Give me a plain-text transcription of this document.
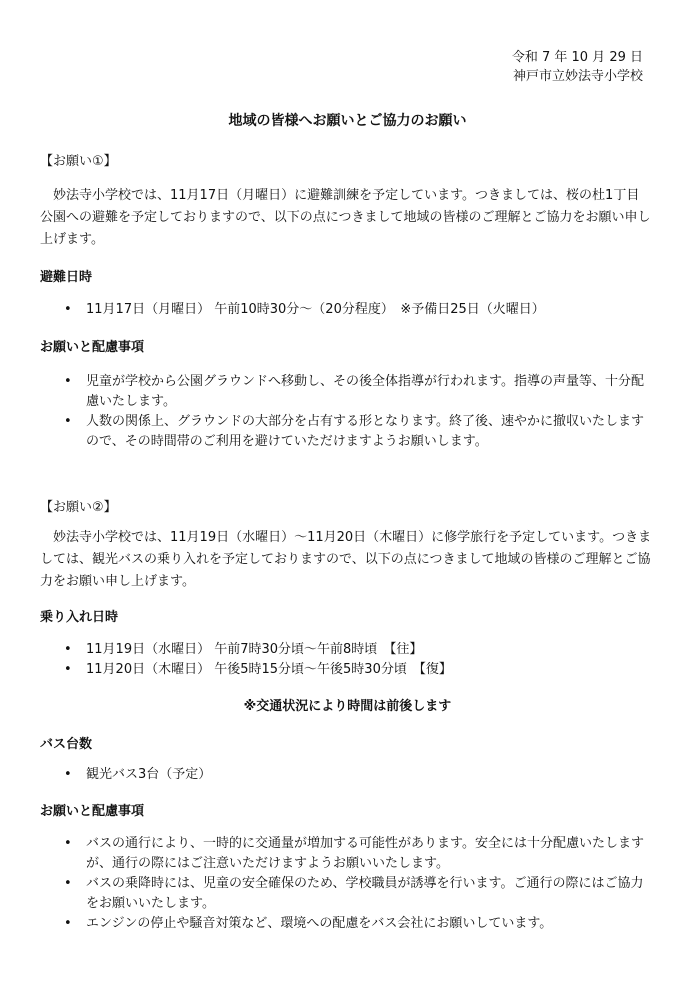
令和 7 年 10 月 29 日
神戸市立妙法寺小学校
地域の皆様へお願いとご協力のお願い
【お願い①】

妙法寺小学校では、11月17日（月曜日）に避難訓練を予定しています。つきましては、桜の杜1丁目公園への避難を予定しておりますので、以下の点につきまして地域の皆様のご理解とご協力をお願い申し上げます。

避難日時
• 11月17日（月曜日） 午前10時30分～（20分程度）　※予備日25日（火曜日）
お願いと配慮事項
• 児童が学校から公園グラウンドへ移動し、その後全体指導が行われます。指導の声量等、十分配慮いたします。
• 人数の関係上、グラウンドの大部分を占有する形となります。終了後、速やかに撤収いたしますので、その時間帯のご利用を避けていただけますようお願いします。
【お願い②】

妙法寺小学校では、11月19日（水曜日）～11月20日（木曜日）に修学旅行を予定しています。つきましては、観光バスの乗り入れを予定しておりますので、以下の点につきまして地域の皆様のご理解とご協力をお願い申し上げます。

乗り入れ日時
• 11月19日（水曜日） 午前7時30分頃～午前8時頃 【往】
• 11月20日（木曜日） 午後5時15分頃～午後5時30分頃 【復】
※交通状況により時間は前後します
バス台数
• 観光バス3台（予定）
お願いと配慮事項
• バスの通行により、一時的に交通量が増加する可能性があります。安全には十分配慮いたしますが、通行の際にはご注意いただけますようお願いいたします。
• バスの乗降時には、児童の安全確保のため、学校職員が誘導を行います。ご通行の際にはご協力をお願いいたします。
• エンジンの停止や騒音対策など、環境への配慮をバス会社にお願いしています。
